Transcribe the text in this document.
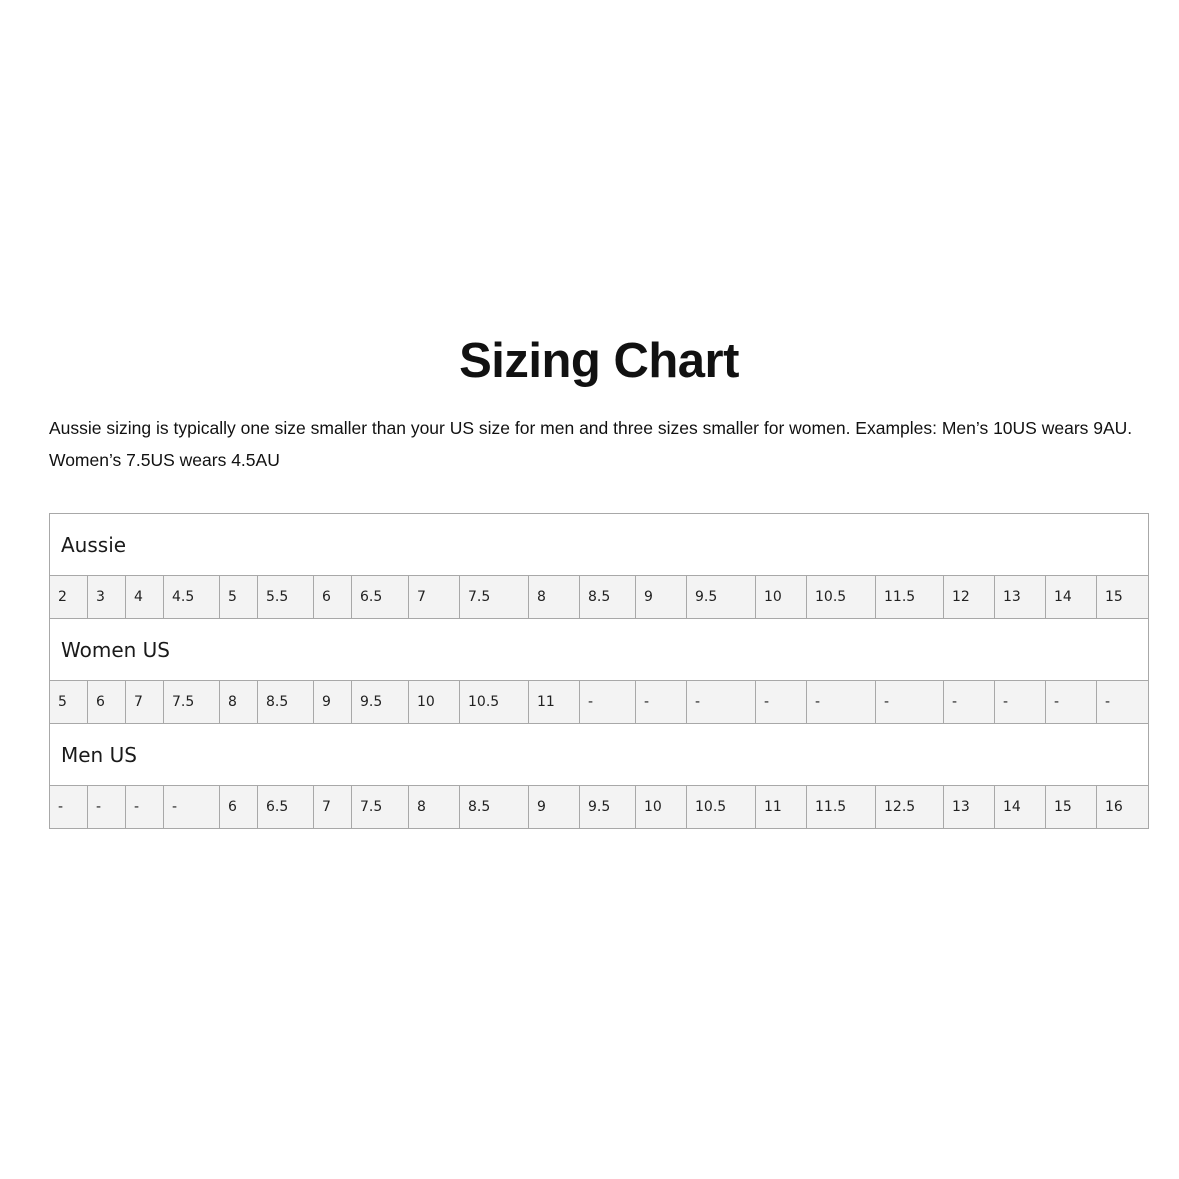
Sizing Chart

Aussie sizing is typically one size smaller than your US size for men and three sizes smaller for women. Examples: Men’s 10US wears 9AU. Women’s 7.5US wears 4.5AU

Aussie																				
2	3	4	4.5	5	5.5	6	6.5	7	7.5	8	8.5	9	9.5	10	10.5	11.5	12	13	14	15
Women US																				
5	6	7	7.5	8	8.5	9	9.5	10	10.5	11	-	-	-	-	-	-	-	-	-	-
Men US																				
-	-	-	-	6	6.5	7	7.5	8	8.5	9	9.5	10	10.5	11	11.5	12.5	13	14	15	16
